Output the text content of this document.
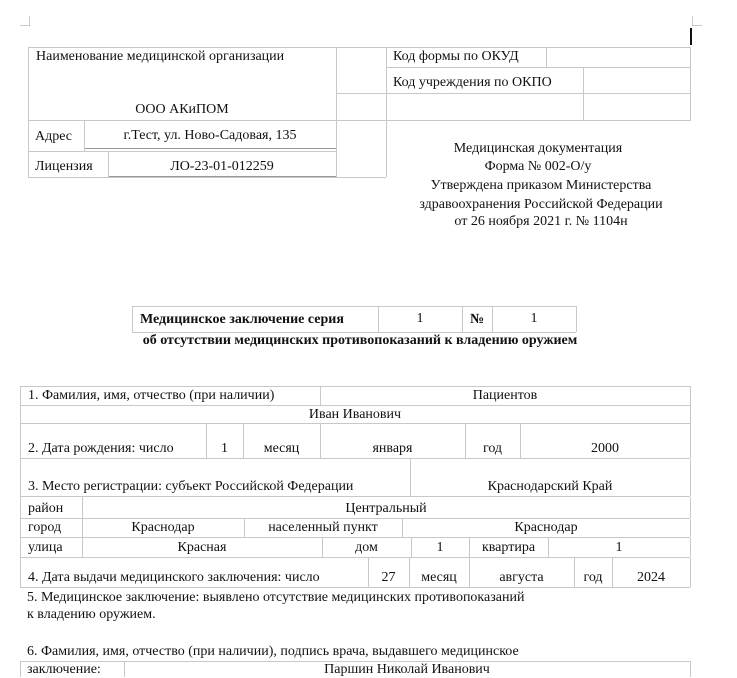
Наименование медицинской организации
ООО АКиПОМ
Код формы по ОКУД
Код учреждения по ОКПО
Адрес	г.Тест, ул. Ново-Садовая, 135
Лицензия	ЛО-23-01-012259
Медицинская документация
Форма № 002-О/у
Утверждена приказом Министерства
здравоохранения Российской Федерации
от 26 ноября 2021 г. № 1104н
Медицинское заключение серия	1	№	1
об отсутствии медицинских противопоказаний к владению оружием
1. Фамилия, имя, отчество (при наличии)	Пациентов
Иван Иванович
2. Дата рождения: число	1	месяц	января	год	2000
3. Место регистрации: субъект Российской Федерации	Краснодарский Край
район	Центральный
город	Краснодар	населенный пункт	Краснодар
улица	Красная	дом	1	квартира	1
4. Дата выдачи медицинского заключения: число	27	месяц	августа	год	2024
5. Медицинское заключение: выявлено отсутствие медицинских противопоказаний
к владению оружием.
6. Фамилия, имя, отчество (при наличии), подпись врача, выдавшего медицинское
заключение:	Паршин Николай Иванович
